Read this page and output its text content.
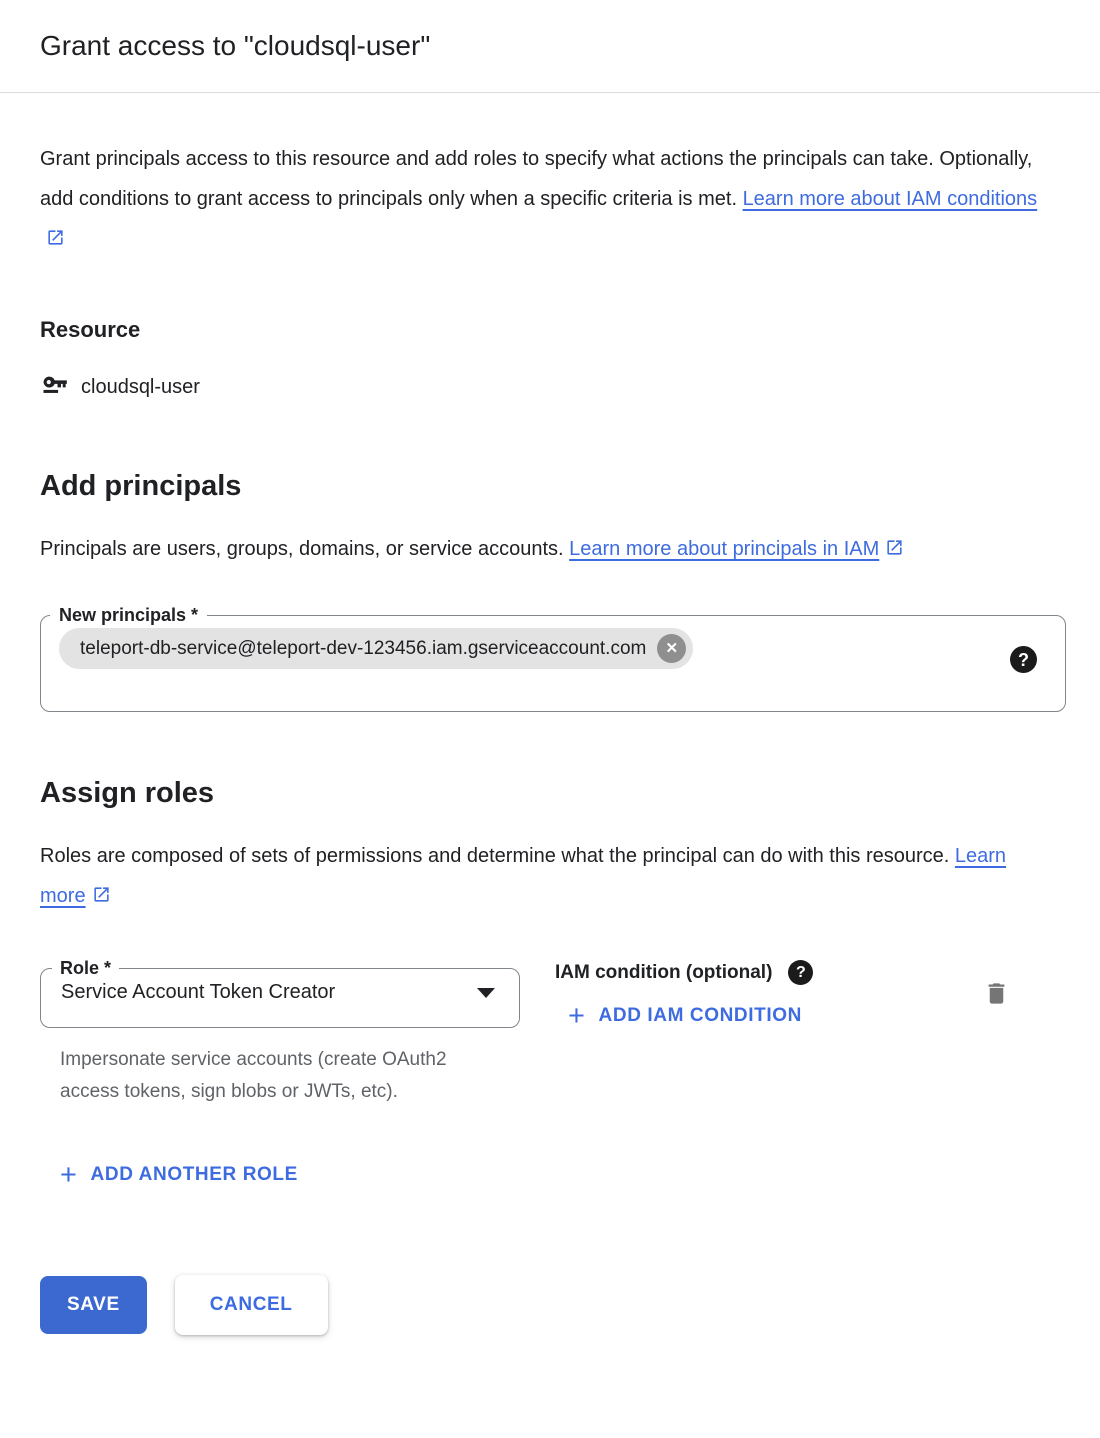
Grant access to "cloudsql-user"

Grant principals access to this resource and add roles to specify what actions the principals can take. Optionally, add conditions to grant access to principals only when a specific criteria is met. Learn more about IAM conditions

Resource
cloudsql-user
Add principals

Principals are users, groups, domains, or service accounts. Learn more about principals in IAM

New principals *
teleport-db-service@teleport-dev-123456.iam.gserviceaccount.com	✕
?
Assign roles

Roles are composed of sets of permissions and determine what the principal can do with this resource. Learn more

Role *
Service Account Token Creator

Impersonate service accounts (create OAuth2 access tokens, sign blobs or JWTs, etc).

IAM condition (optional)	?
+ ADD IAM CONDITION
+ ADD ANOTHER ROLE
SAVE	CANCEL
